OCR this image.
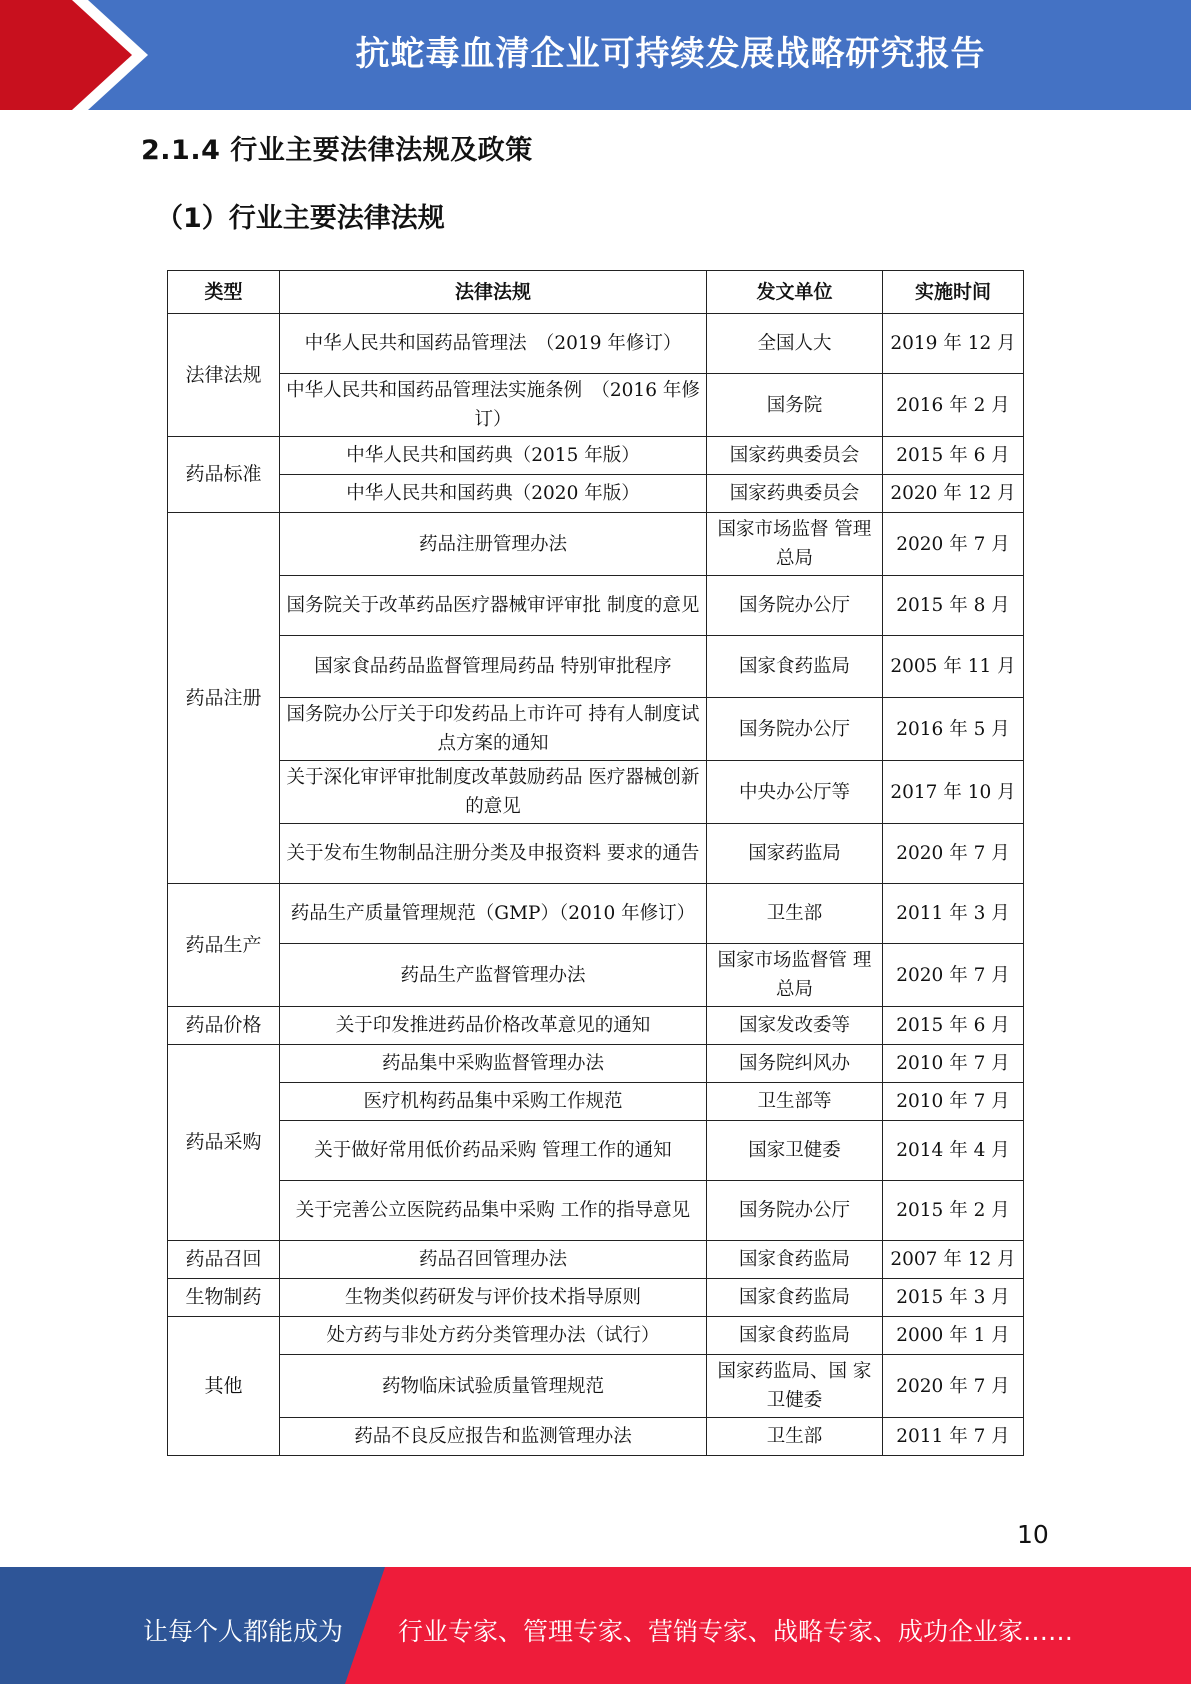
抗蛇毒血清企业可持续发展战略研究报告
2.1.4 行业主要法律法规及政策
（1）行业主要法律法规
类型	法律法规	发文单位	实施时间
法律法规	中华人民共和国药品管理法　（2019 年修订）	全国人大	2019 年 12 月
	中华人民共和国药品管理法实施条例　（2016 年修订）	国务院	2016 年 2 月
药品标准	中华人民共和国药典（2015 年版）	国家药典委员会	2015 年 6 月
	中华人民共和国药典（2020 年版）	国家药典委员会	2020 年 12 月
药品注册	药品注册管理办法	国家市场监督 管理总局	2020 年 7 月
	国务院关于改革药品医疗器械审评审批 制度的意见	国务院办公厅	2015 年 8 月
	国家食品药品监督管理局药品 特别审批程序	国家食药监局	2005 年 11 月
	国务院办公厅关于印发药品上市许可 持有人制度试点方案的通知	国务院办公厅	2016 年 5 月
	关于深化审评审批制度改革鼓励药品 医疗器械创新的意见	中央办公厅等	2017 年 10 月
	关于发布生物制品注册分类及申报资料 要求的通告	国家药监局	2020 年 7 月
药品生产	药品生产质量管理规范（GMP）（2010 年修订）	卫生部	2011 年 3 月
	药品生产监督管理办法	国家市场监督管 理总局	2020 年 7 月
药品价格	关于印发推进药品价格改革意见的通知	国家发改委等	2015 年 6 月
药品采购	药品集中采购监督管理办法	国务院纠风办	2010 年 7 月
	医疗机构药品集中采购工作规范	卫生部等	2010 年 7 月
	关于做好常用低价药品采购 管理工作的通知	国家卫健委	2014 年 4 月
	关于完善公立医院药品集中采购 工作的指导意见	国务院办公厅	2015 年 2 月
药品召回	药品召回管理办法	国家食药监局	2007 年 12 月
生物制药	生物类似药研发与评价技术指导原则	国家食药监局	2015 年 3 月
其他	处方药与非处方药分类管理办法（试行）	国家食药监局	2000 年 1 月
	药物临床试验质量管理规范	国家药监局、国 家卫健委	2020 年 7 月
	药品不良反应报告和监测管理办法	卫生部	2011 年 7 月
10
让每个人都能成为 行业专家、管理专家、营销专家、战略专家、成功企业家……
